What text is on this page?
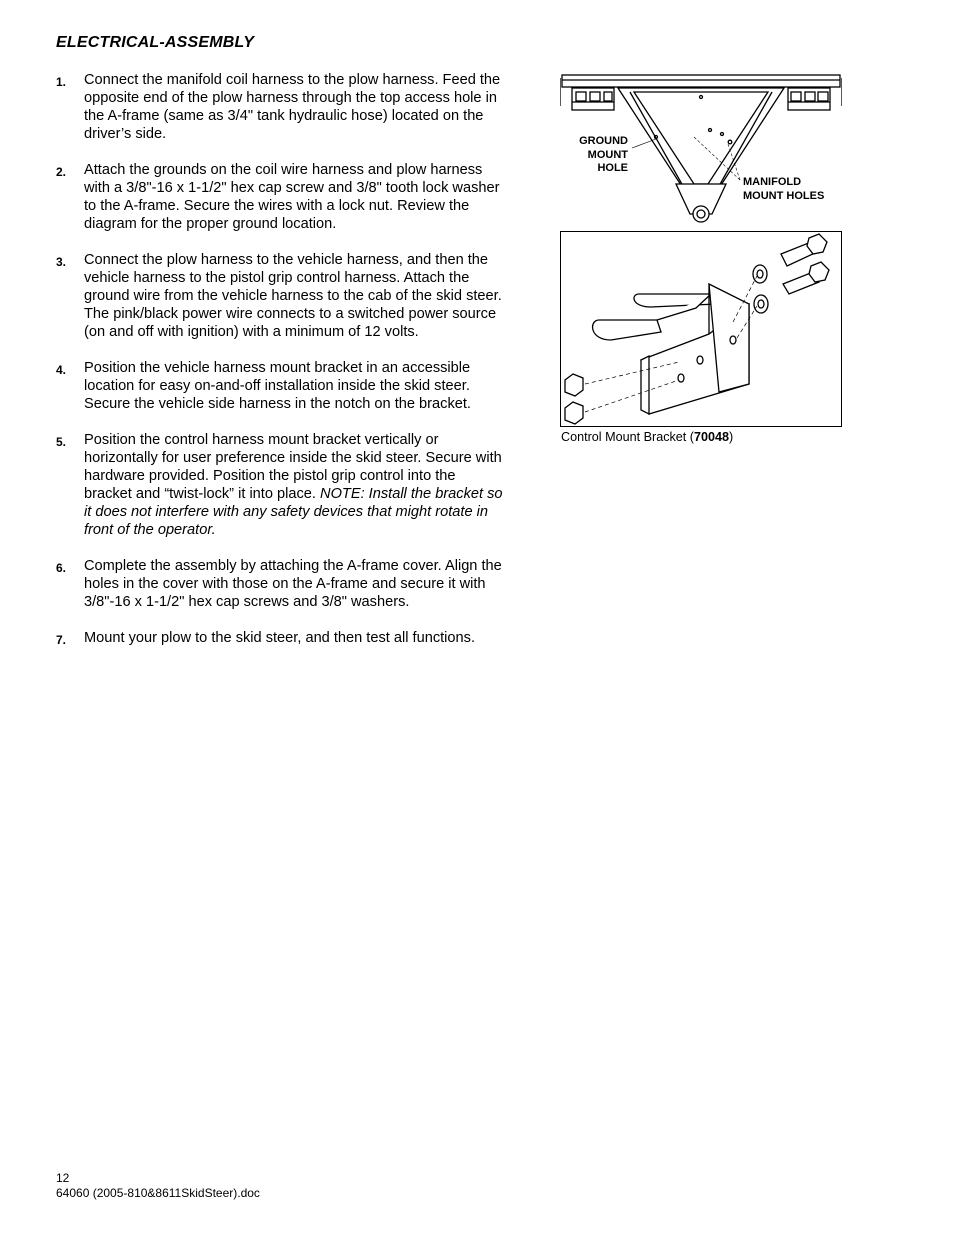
ELECTRICAL-ASSEMBLY
1. Connect the manifold coil harness to the plow harness. Feed the opposite end of the plow harness through the top access hole in the A-frame (same as 3/4" tank hydraulic hose) located on the driver’s side.
2. Attach the grounds on the coil wire harness and plow harness with a 3/8"-16 x 1-1/2" hex cap screw and 3/8" tooth lock washer to the A-frame. Secure the wires with a lock nut. Review the diagram for the proper ground location.
3. Connect the plow harness to the vehicle harness, and then the vehicle harness to the pistol grip control harness. Attach the ground wire from the vehicle harness to the cab of the skid steer. The pink/black power wire connects to a switched power source (on and off with ignition) with a minimum of 12 volts.
4. Position the vehicle harness mount bracket in an accessible location for easy on-and-off installation inside the skid steer. Secure the vehicle side harness in the notch on the bracket.
5. Position the control harness mount bracket vertically or horizontally for user preference inside the skid steer. Secure with hardware provided. Position the pistol grip control into the bracket and “twist-lock” it into place. NOTE: Install the bracket so it does not interfere with any safety devices that might rotate in front of the operator.
6. Complete the assembly by attaching the A-frame cover. Align the holes in the cover with those on the A-frame and secure it with 3/8"-16 x 1-1/2" hex cap screws and 3/8" washers.
7. Mount your plow to the skid steer, and then test all functions.
GROUND
MOUNT
HOLE
MANIFOLD
MOUNT HOLES
Control Mount Bracket (70048)
12
64060 (2005-810&8611SkidSteer).doc
